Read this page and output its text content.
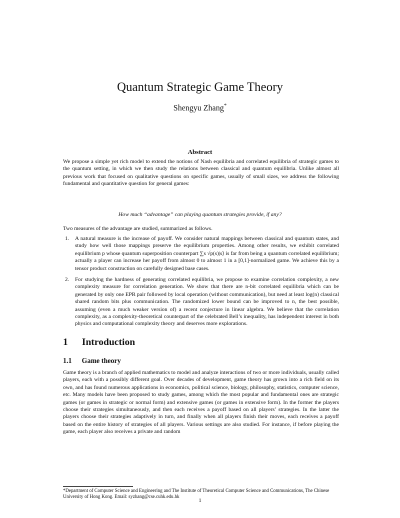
Quantum Strategic Game Theory
Shengyu Zhang*
Abstract
We propose a simple yet rich model to extend the notions of Nash equilibria and correlated equilibria of strategic games to the quantum setting, in which we then study the relations between classical and quantum equilibria. Unlike almost all previous work that focused on qualitative questions on specific games, usually of small sizes, we address the following fundamental and quantitative question for general games:
How much “advantage” can playing quantum strategies provide, if any?
Two measures of the advantage are studied, summarized as follows.
1. A natural measure is the increase of payoff. We consider natural mappings between classical and quantum states, and study how well those mappings preserve the equilibrium properties. Among other results, we exhibit correlated equilibrium p whose quantum superposition counterpart ∑s √p(s)|s⟩ is far from being a quantum correlated equilibrium; actually a player can increase her payoff from almost 0 to almost 1 in a [0,1]-normalized game. We achieve this by a tensor product construction on carefully designed base cases.
2. For studying the hardness of generating correlated equilibria, we propose to examine correlation complexity, a new complexity measure for correlation generation. We show that there are n-bit correlated equilibria which can be generated by only one EPR pair followed by local operation (without communication), but need at least log(n) classical shared random bits plus communication. The randomized lower bound can be improved to n, the best possible, assuming (even a much weaker version of) a recent conjecture in linear algebra. We believe that the correlation complexity, as a complexity-theoretical counterpart of the celebrated Bell’s inequality, has independent interest in both physics and computational complexity theory and deserves more explorations.
1 Introduction
1.1 Game theory
Game theory is a branch of applied mathematics to model and analyze interactions of two or more individuals, usually called players, each with a possibly different goal. Over decades of development, game theory has grown into a rich field on its own, and has found numerous applications in economics, political science, biology, philosophy, statistics, computer science, etc. Many models have been proposed to study games, among which the most popular and fundamental ones are strategic games (or games in strategic or normal form) and extensive games (or games in extensive form). In the former the players choose their strategies simultaneously, and then each receives a payoff based on all players’ strategies. In the latter the players choose their strategies adaptively in turn, and finally when all players finish their moves, each receives a payoff based on the entire history of strategies of all players. Various settings are also studied. For instance, if before playing the game, each player also receives a private and random
*Department of Computer Science and Engineering and The Institute of Theoretical Computer Science and Communications, The Chinese University of Hong Kong. Email: syzhang@cse.cuhk.edu.hk
1
